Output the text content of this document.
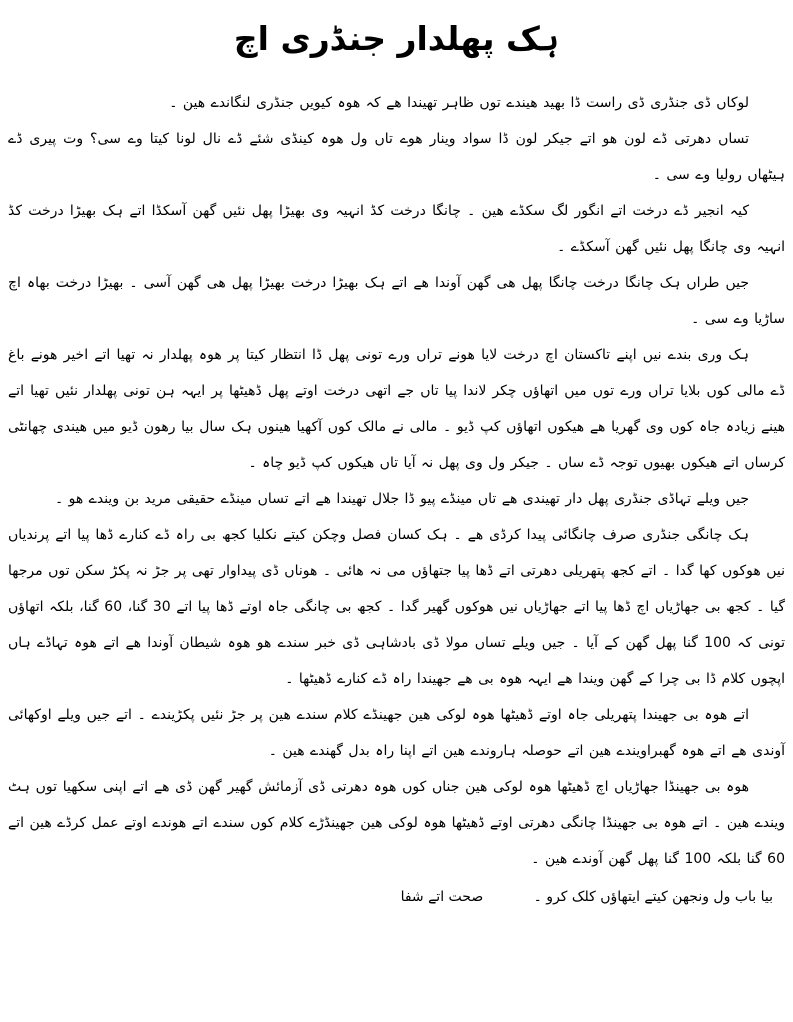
ہک پھلدار جنڈری اچ

لوکاں ڈی جنڈری ڈی راست ڈا بھید ھیندے توں ظاہر تھیندا ھے کہ ھوہ کیویں جنڈری لنگاندے ھین ۔

تساں دھرتی ڈے لون ھو اتے جیکر لون ڈا سواد وینار ھوے تاں ول ھوہ کینڈی شئے ڈے نال لونا کیتا وے سی؟ وت پیری ڈے ہیٹھاں رولیا وے سی ۔

کیہ انجیر ڈے درخت اتے انگور لگ سکڈے ھین ۔ چانگا درخت کڈ انہیہ وی بھیڑا پھل نئیں گھن آسکڈا اتے ہک بھیڑا درخت کڈ انہیہ وی چانگا پھل نئیں گھن آسکڈے ۔

جیں طراں ہک چانگا درخت چانگا پھل ھی گھن آوندا ھے اتے ہک بھیڑا درخت بھیڑا پھل ھی گھن آسی ۔ بھیڑا درخت بھاہ اچ ساڑیا وے سی ۔

ہک وری بندے نیں اپنے تاکستان اچ درخت لایا ھونے تراں ورے تونی پھل ڈا انتظار کیتا پر ھوہ پھلدار نہ تھیا اتے اخیر ھونے باغ ڈے مالی کوں بلایا تراں ورے توں میں اتھاؤں چکر لاندا پیا تاں جے اتھی درخت اوتے پھل ڈھیٹھا پر ایہہ ہن تونی پھلدار نئیں تھیا اتے ھینے زیادہ جاہ کوں وی گھریا ھے ھیکوں اتھاؤں کپ ڈیو ۔ مالی نے مالک کوں آکھیا ھینوں ہک سال بیا رھون ڈیو میں ھیندی چھانٹی کرساں اتے ھیکوں بھیوں توجہ ڈے ساں ۔ جیکر ول وی پھل نہ آیا تاں ھیکوں کپ ڈیو چاہ ۔

جیں ویلے تہاڈی جنڈری پھل دار تھیندی ھے تاں مینڈے پیو ڈا جلال تھیندا ھے اتے تساں مینڈے حقیقی مرید بن ویندے ھو ۔

ہک چانگی جنڈری صرف چانگائی پیدا کرڈی ھے ۔ ہک کسان فصل وچکن کیتے نکلیا کجھ بی راہ ڈے کنارے ڈھا پیا اتے پرندیاں نیں ھوکوں کھا گدا ۔ اتے کجھ پتھریلی دھرتی اتے ڈھا پیا جتھاؤں می نہ ھائی ۔ ھوناں ڈی پیداوار تھی پر جڑ نہ پکڑ سکن توں مرجھا گیا ۔ کجھ بی جھاڑیاں اچ ڈھا پیا اتے جھاڑیاں نیں ھوکوں گھیر گدا ۔ کجھ بی چانگی جاہ اوتے ڈھا پیا اتے 30 گنا، 60 گنا، بلکہ اتھاؤں تونی کہ 100 گنا پھل گھن کے آیا ۔ جیں ویلے تساں مولا ڈی بادشاہی ڈی خبر سندے ھو ھوہ شیطان آوندا ھے اتے ھوہ تہاڈے ہاں اپچوں کلام ڈا بی چرا کے گھن ویندا ھے ایہہ ھوہ بی ھے جھیندا راہ ڈے کنارے ڈھیٹھا ۔

اتے ھوہ بی جھیندا پتھریلی جاہ اوتے ڈھیٹھا ھوہ لوکی ھین جھینڈے کلام سندے ھین پر جڑ نئیں پکڑیندے ۔ اتے جیں ویلے اوکھائی آوندی ھے اتے ھوہ گھبراویندے ھین اتے حوصلہ ہاروندے ھین اتے اپنا راہ بدل گھندے ھین ۔

ھوہ بی جھینڈا جھاڑیاں اچ ڈھیٹھا ھوہ لوکی ھین جناں کوں ھوہ دھرتی ڈی آزمائش گھیر گھن ڈی ھے اتے اپنی سکھیا توں ہٹ ویندے ھین ۔ اتے ھوہ بی جھینڈا چانگی دھرتی اوتے ڈھیٹھا ھوہ لوکی ھین جھینڈڑے کلام کوں سندے اتے ھوندے اوتے عمل کرڈے ھین اتے 60 گنا بلکہ 100 گنا پھل گھن آوندے ھین ۔

بیا باب ول ونجھن کیتے ایتھاؤں کلک کرو ۔ صحت اتے شفا
